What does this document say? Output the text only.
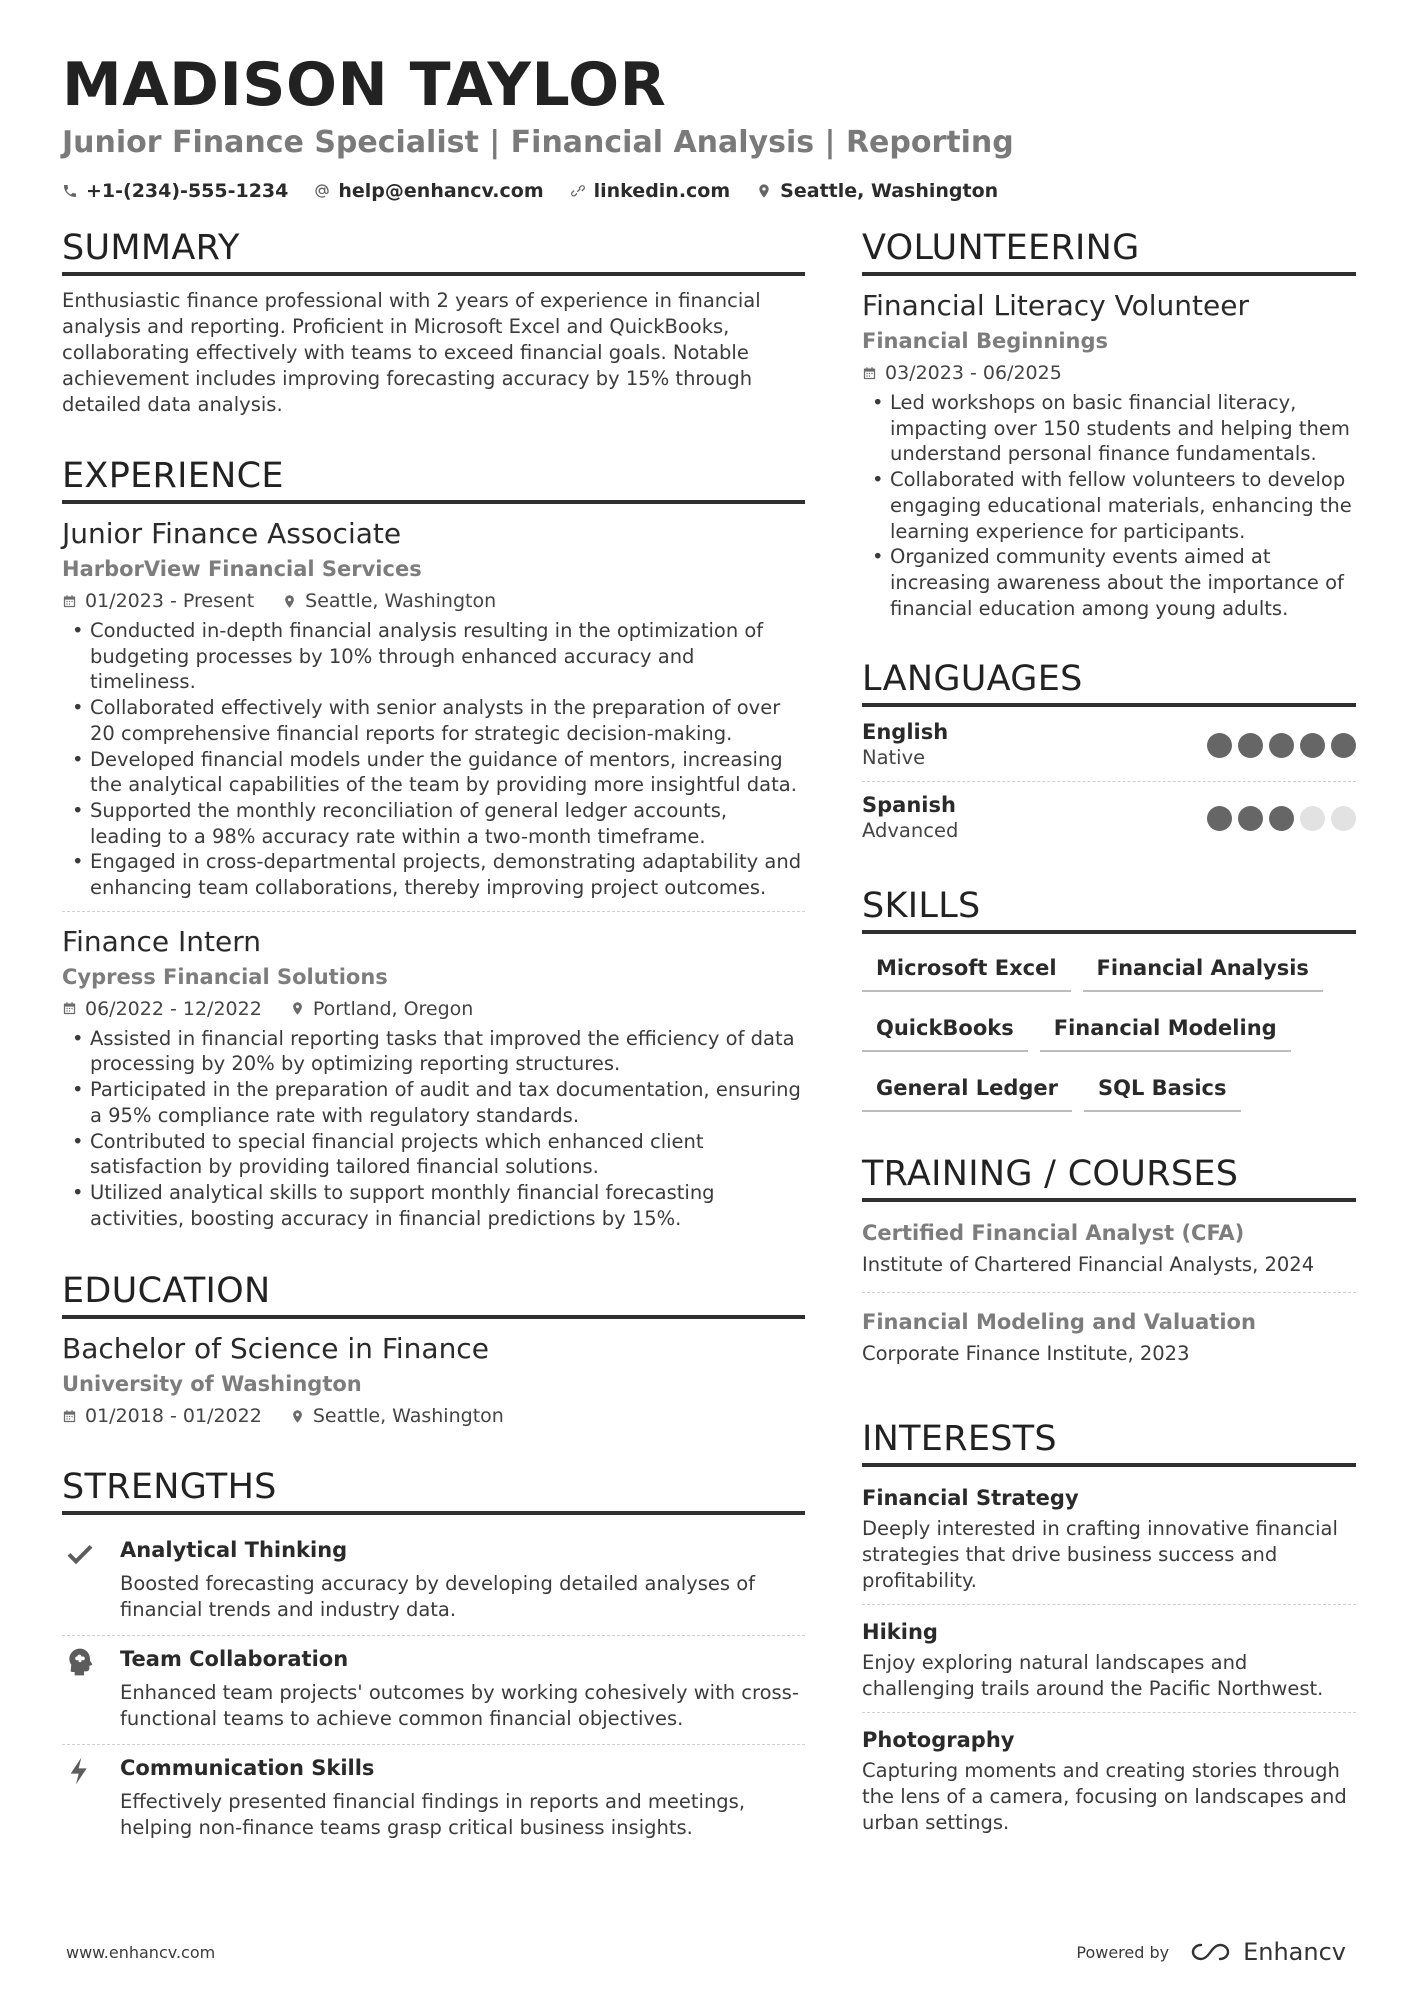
MADISON TAYLOR
Junior Finance Specialist | Financial Analysis | Reporting
+1-(234)-555-1234	help@enhancv.com	linkedin.com	Seattle, Washington
SUMMARY

Enthusiastic finance professional with 2 years of experience in financial analysis and reporting. Proficient in Microsoft Excel and QuickBooks, collaborating effectively with teams to exceed financial goals. Notable achievement includes improving forecasting accuracy by 15% through detailed data analysis.

EXPERIENCE
Junior Finance Associate
HarborView Financial Services
01/2023 - Present	Seattle, Washington
• Conducted in-depth financial analysis resulting in the optimization of budgeting processes by 10% through enhanced accuracy and timeliness.
• Collaborated effectively with senior analysts in the preparation of over 20 comprehensive financial reports for strategic decision-making.
• Developed financial models under the guidance of mentors, increasing the analytical capabilities of the team by providing more insightful data.
• Supported the monthly reconciliation of general ledger accounts, leading to a 98% accuracy rate within a two-month timeframe.
• Engaged in cross-departmental projects, demonstrating adaptability and enhancing team collaborations, thereby improving project outcomes.
Finance Intern
Cypress Financial Solutions
06/2022 - 12/2022	Portland, Oregon
• Assisted in financial reporting tasks that improved the efficiency of data processing by 20% by optimizing reporting structures.
• Participated in the preparation of audit and tax documentation, ensuring a 95% compliance rate with regulatory standards.
• Contributed to special financial projects which enhanced client satisfaction by providing tailored financial solutions.
• Utilized analytical skills to support monthly financial forecasting activities, boosting accuracy in financial predictions by 15%.
EDUCATION
Bachelor of Science in Finance
University of Washington
01/2018 - 01/2022	Seattle, Washington
STRENGTHS
Analytical Thinking

Boosted forecasting accuracy by developing detailed analyses of financial trends and industry data.

Team Collaboration

Enhanced team projects' outcomes by working cohesively with cross-functional teams to achieve common financial objectives.

Communication Skills

Effectively presented financial findings in reports and meetings, helping non-finance teams grasp critical business insights.

VOLUNTEERING
Financial Literacy Volunteer
Financial Beginnings
03/2023 - 06/2025
• Led workshops on basic financial literacy, impacting over 150 students and helping them understand personal finance fundamentals.
• Collaborated with fellow volunteers to develop engaging educational materials, enhancing the learning experience for participants.
• Organized community events aimed at increasing awareness about the importance of financial education among young adults.
LANGUAGES
English
Native
Spanish
Advanced
SKILLS
Microsoft Excel	Financial Analysis
QuickBooks	Financial Modeling
General Ledger	SQL Basics
TRAINING / COURSES
Certified Financial Analyst (CFA)
Institute of Chartered Financial Analysts, 2024
Financial Modeling and Valuation
Corporate Finance Institute, 2023
INTERESTS
Financial Strategy

Deeply interested in crafting innovative financial strategies that drive business success and profitability.

Hiking

Enjoy exploring natural landscapes and challenging trails around the Pacific Northwest.

Photography

Capturing moments and creating stories through the lens of a camera, focusing on landscapes and urban settings.

www.enhancv.com	Powered by	Enhancv
